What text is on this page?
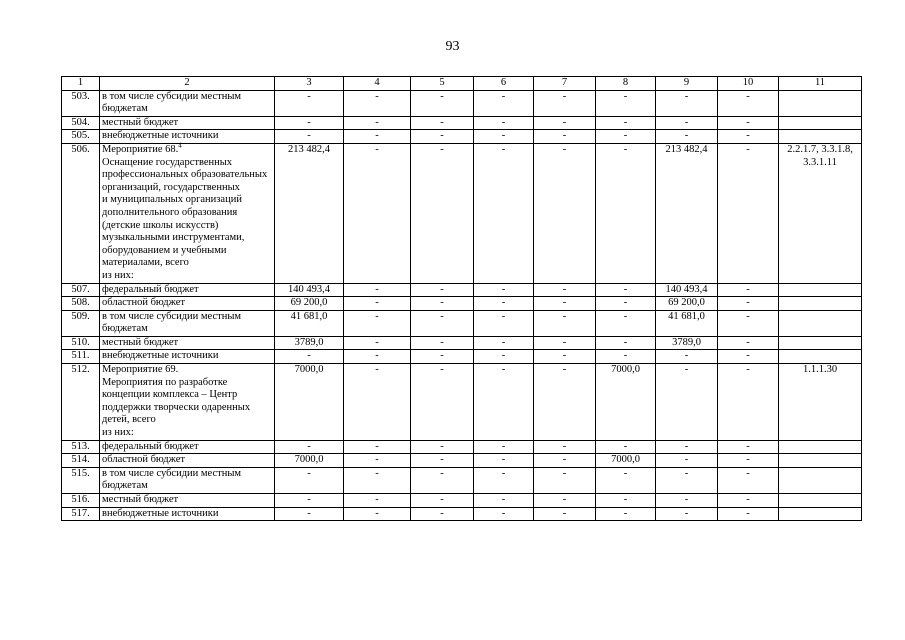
93
1	2	3	4	5	6	7	8	9	10	11
503.	в том числе субсидии местным бюджетам	-	-	-	-	-	-	-	-	
504.	местный бюджет	-	-	-	-	-	-	-	-	
505.	внебюджетные источники	-	-	-	-	-	-	-	-	
506.	Мероприятие 68.$^4$
Оснащение государственных профессиональных образовательных организаций, государственных
и муниципальных организаций дополнительного образования (детские школы искусств) музыкальными инструментами, оборудованием и учебными материалами, всего
из них:	213 482,4	-	-	-	-	-	213 482,4	-	2.2.1.7, 3.3.1.8, 3.3.1.11
507.	федеральный бюджет	140 493,4	-	-	-	-	-	140 493,4	-	
508.	областной бюджет	69 200,0	-	-	-	-	-	69 200,0	-	
509.	в том числе субсидии местным бюджетам	41 681,0	-	-	-	-	-	41 681,0	-	
510.	местный бюджет	3789,0	-	-	-	-	-	3789,0	-	
511.	внебюджетные источники	-	-	-	-	-	-	-	-	
512.	Мероприятие 69.
Мероприятия по разработке концепции комплекса – Центр поддержки творчески одаренных детей, всего
из них:	7000,0	-	-	-	-	7000,0	-	-	1.1.1.30
513.	федеральный бюджет	-	-	-	-	-	-	-	-	
514.	областной бюджет	7000,0	-	-	-	-	7000,0	-	-	
515.	в том числе субсидии местным бюджетам	-	-	-	-	-	-	-	-	
516.	местный бюджет	-	-	-	-	-	-	-	-	
517.	внебюджетные источники	-	-	-	-	-	-	-	-	
